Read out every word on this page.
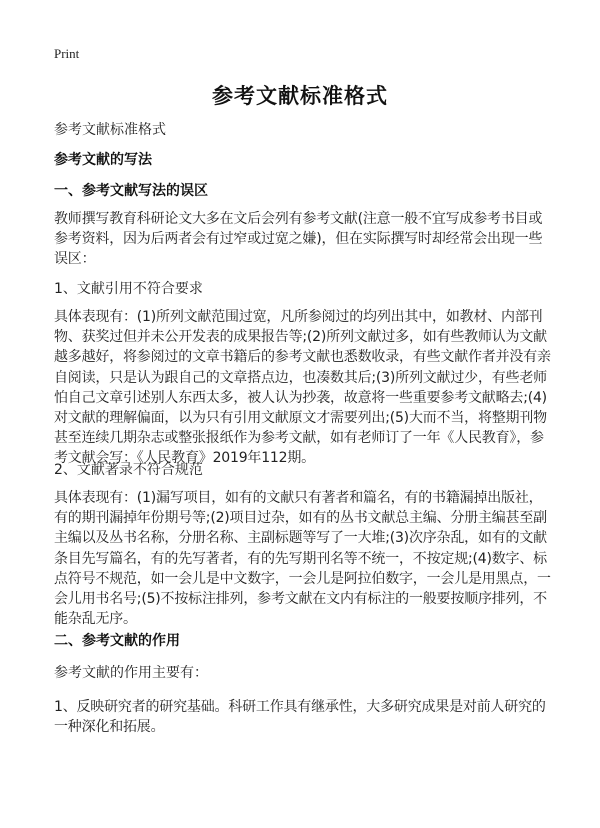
Print
参考文献标准格式
参考文献标准格式
参考文献的写法
一、参考文献写法的误区
教师撰写教育科研论文大多在文后会列有参考文献(注意一般不宜写成参考书目或
参考资料，因为后两者会有过窄或过宽之嫌)，但在实际撰写时却经常会出现一些
误区：
1、文献引用不符合要求
具体表现有：(1)所列文献范围过宽，凡所参阅过的均列出其中，如教材、内部刊
物、获奖过但并未公开发表的成果报告等;(2)所列文献过多，如有些教师认为文献
越多越好，将参阅过的文章书籍后的参考文献也悉数收录，有些文献作者并没有亲
自阅读，只是认为跟自己的文章搭点边，也凑数其后;(3)所列文献过少，有些老师
怕自己文章引述别人东西太多，被人认为抄袭，故意将一些重要参考文献略去;(4)
对文献的理解偏面，以为只有引用文献原文才需要列出;(5)大而不当，将整期刊物
甚至连续几期杂志或整张报纸作为参考文献，如有老师订了一年《人民教育》，参
考文献会写：《人民教育》2019年112期。
2、文献著录不符合规范
具体表现有：(1)漏写项目，如有的文献只有著者和篇名，有的书籍漏掉出版社，
有的期刊漏掉年份期号等;(2)项目过杂，如有的丛书文献总主编、分册主编甚至副
主编以及丛书名称，分册名称、主副标题等写了一大堆;(3)次序杂乱，如有的文献
条目先写篇名，有的先写著者，有的先写期刊名等不统一，不按定规;(4)数字、标
点符号不规范，如一会儿是中文数字，一会儿是阿拉伯数字，一会儿是用黑点，一
会儿用书名号;(5)不按标注排列，参考文献在文内有标注的一般要按顺序排列，不
能杂乱无序。
二、参考文献的作用
参考文献的作用主要有：
1、反映研究者的研究基础。科研工作具有继承性，大多研究成果是对前人研究的
一种深化和拓展。
